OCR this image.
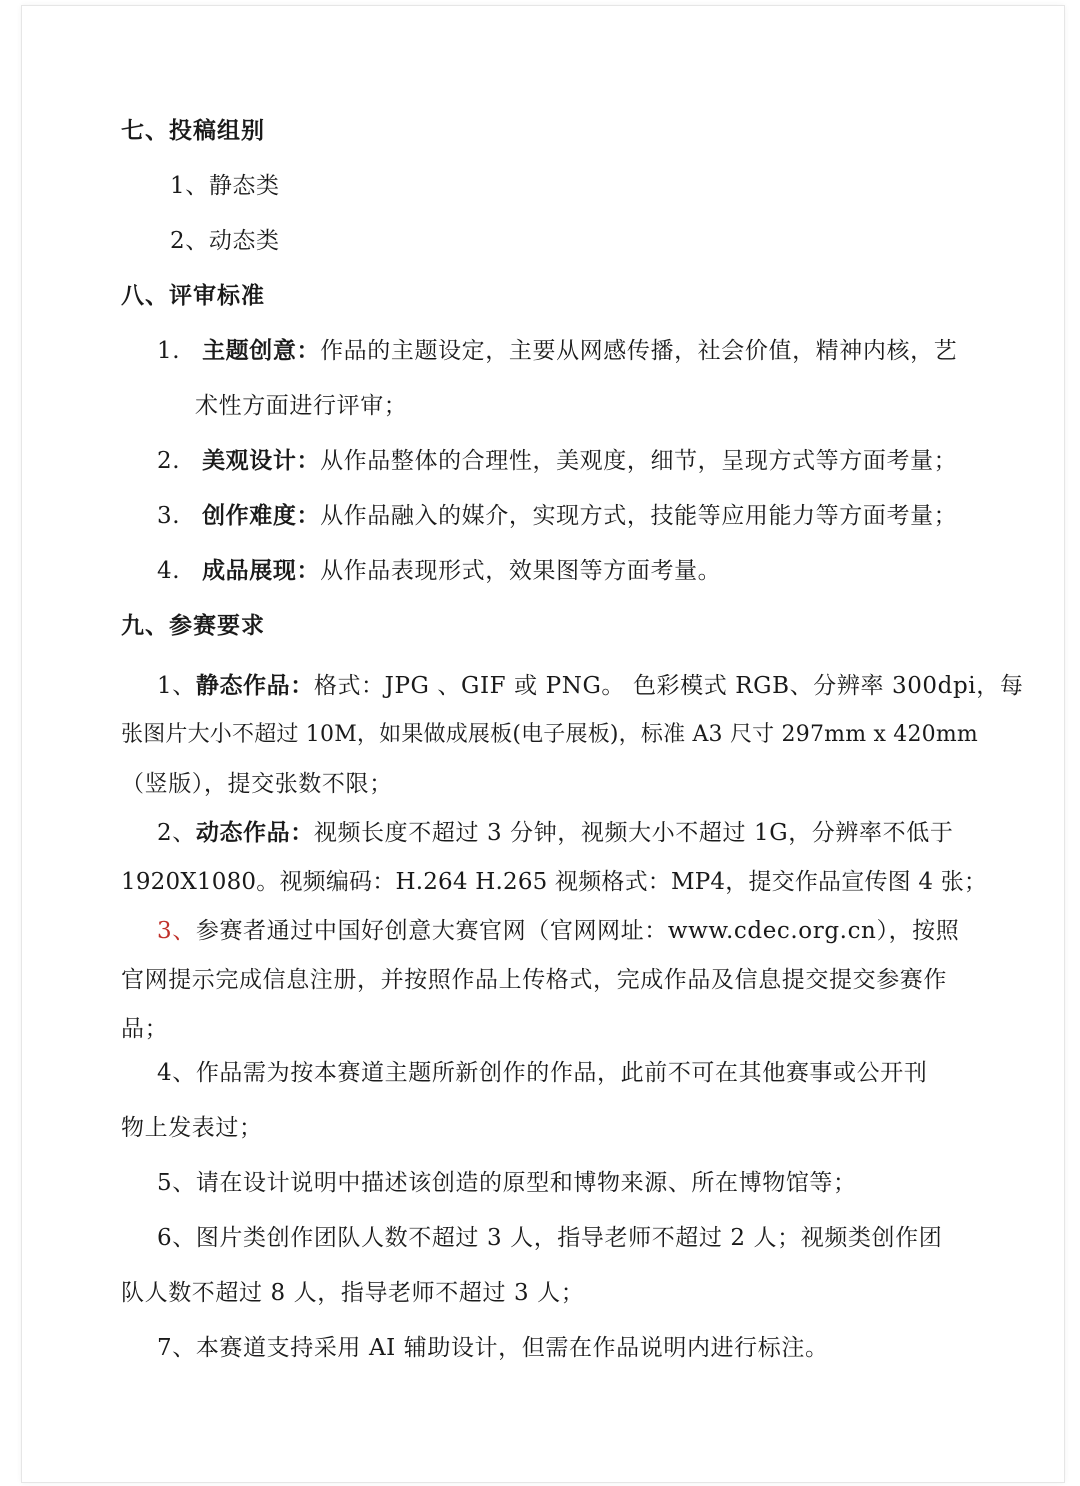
七、投稿组别
1、静态类
2、动态类
八、评审标准
1. 主题创意：作品的主题设定，主要从网感传播，社会价值，精神内核，艺
术性方面进行评审；
2. 美观设计：从作品整体的合理性，美观度，细节，呈现方式等方面考量；
3. 创作难度：从作品融入的媒介，实现方式，技能等应用能力等方面考量；
4. 成品展现：从作品表现形式，效果图等方面考量。
九、参赛要求
1、静态作品：格式：JPG 、GIF 或 PNG。 色彩模式 RGB、分辨率 300dpi，每
张图片大小不超过 10M，如果做成展板(电子展板)，标准 A3 尺寸 297mm x 420mm
（竖版），提交张数不限；
2、动态作品：视频长度不超过 3 分钟，视频大小不超过 1G，分辨率不低于
1920X1080。视频编码：H.264 H.265 视频格式：MP4，提交作品宣传图 4 张；
3、参赛者通过中国好创意大赛官网（官网网址：www.cdec.org.cn），按照
官网提示完成信息注册，并按照作品上传格式，完成作品及信息提交提交参赛作
品；
4、作品需为按本赛道主题所新创作的作品，此前不可在其他赛事或公开刊
物上发表过；
5、请在设计说明中描述该创造的原型和博物来源、所在博物馆等；
6、图片类创作团队人数不超过 3 人，指导老师不超过 2 人；视频类创作团
队人数不超过 8 人，指导老师不超过 3 人；
7、本赛道支持采用 AI 辅助设计，但需在作品说明内进行标注。
